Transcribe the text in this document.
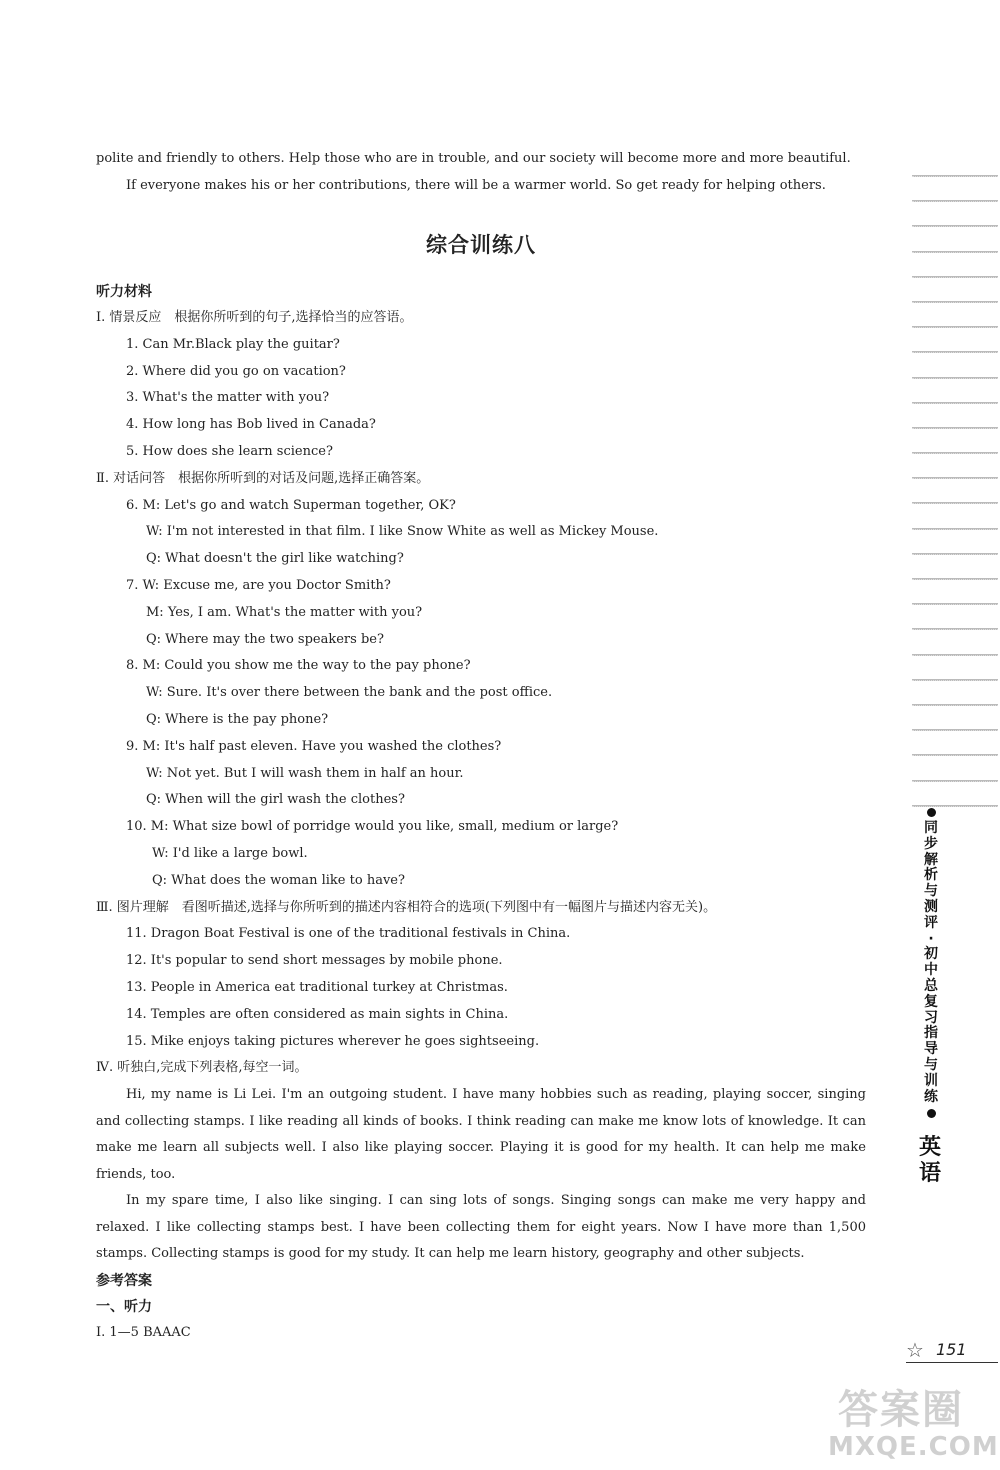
polite and friendly to others. Help those who are in trouble, and our society will become more and more beautiful.

If everyone makes his or her contributions, there will be a warmer world. So get ready for helping others.

综合训练八
听力材料
Ⅰ. 情景反应　根据你所听到的句子,选择恰当的应答语。
1. Can Mr.Black play the guitar?
2. Where did you go on vacation?
3. What's the matter with you?
4. How long has Bob lived in Canada?
5. How does she learn science?
Ⅱ. 对话问答　根据你所听到的对话及问题,选择正确答案。
6. M: Let's go and watch Superman together, OK?
W: I'm not interested in that film. I like Snow White as well as Mickey Mouse.
Q: What doesn't the girl like watching?
7. W: Excuse me, are you Doctor Smith?
M: Yes, I am. What's the matter with you?
Q: Where may the two speakers be?
8. M: Could you show me the way to the pay phone?
W: Sure. It's over there between the bank and the post office.
Q: Where is the pay phone?
9. M: It's half past eleven. Have you washed the clothes?
W: Not yet. But I will wash them in half an hour.
Q: When will the girl wash the clothes?
10. M: What size bowl of porridge would you like, small, medium or large?
W: I'd like a large bowl.
Q: What does the woman like to have?
Ⅲ. 图片理解　看图听描述,选择与你所听到的描述内容相符合的选项(下列图中有一幅图片与描述内容无关)。
11. Dragon Boat Festival is one of the traditional festivals in China.
12. It's popular to send short messages by mobile phone.
13. People in America eat traditional turkey at Christmas.
14. Temples are often considered as main sights in China.
15. Mike enjoys taking pictures wherever he goes sightseeing.
Ⅳ. 听独白,完成下列表格,每空一词。

Hi, my name is Li Lei. I'm an outgoing student. I have many hobbies such as reading, playing soccer, singing and collecting stamps. I like reading all kinds of books. I think reading can make me know lots of knowledge. It can make me learn all subjects well. I also like playing soccer. Playing it is good for my health. It can help me make friends, too.

In my spare time, I also like singing. I can sing lots of songs. Singing songs can make me very happy and relaxed. I like collecting stamps best. I have been collecting them for eight years. Now I have more than 1,500 stamps. Collecting stamps is good for my study. It can help me learn history, geography and other subjects.

参考答案
一、听力
Ⅰ. 1—5 BAAAC
同
步
解
析
与
测
评
·
初
中
总
复
习
指
导
与
训
练
英
语
☆ 151
答案圈
MXQE.COM
